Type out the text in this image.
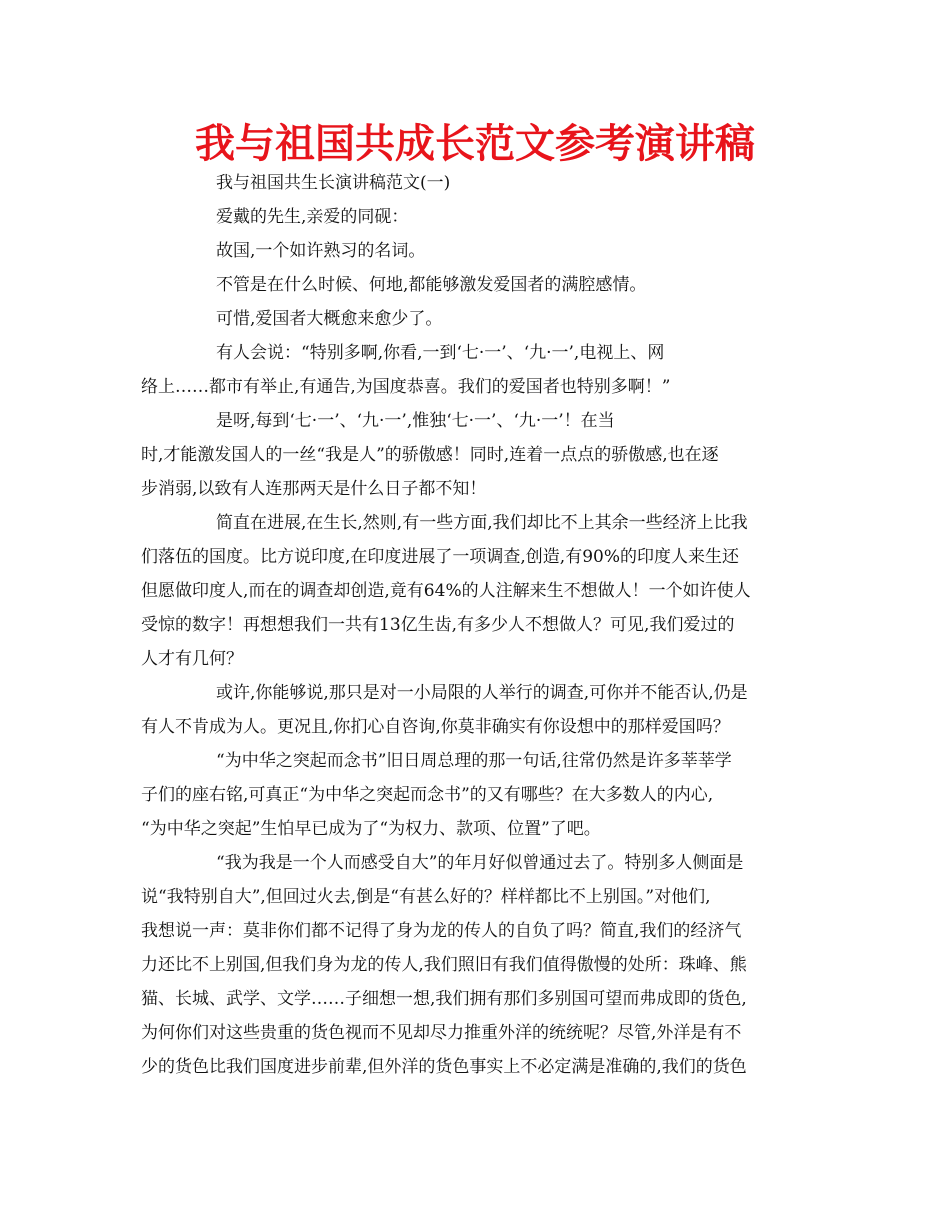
我与祖国共成长范文参考演讲稿
我与祖国共生长演讲稿范文(一)
爱戴的先生,亲爱的同砚：
故国,一个如许熟习的名词。
不管是在什么时候、何地,都能够激发爱国者的满腔感情。
可惜,爱国者大概愈来愈少了。
有人会说：“特别多啊,你看,一到‘七·一’、‘九·一’,电视上、网
络上……都市有举止,有通告,为国度恭喜。我们的爱国者也特别多啊！”
是呀,每到‘七·一’、‘九·一’,惟独‘七·一’、‘九·一’！在当
时,才能激发国人的一丝“我是人”的骄傲感！同时,连着一点点的骄傲感,也在逐
步消弱,以致有人连那两天是什么日子都不知！
简直在进展,在生长,然则,有一些方面,我们却比不上其余一些经济上比我
们落伍的国度。比方说印度,在印度进展了一项调查,创造,有90%的印度人来生还
但愿做印度人,而在的调查却创造,竟有64%的人注解来生不想做人！一个如许使人
受惊的数字！再想想我们一共有13亿生齿,有多少人不想做人？可见,我们爱过的
人才有几何？
或许,你能够说,那只是对一小局限的人举行的调查,可你并不能否认,仍是
有人不肯成为人。更况且,你扪心自咨询,你莫非确实有你设想中的那样爱国吗？
“为中华之突起而念书”旧日周总理的那一句话,往常仍然是许多莘莘学
子们的座右铭,可真正“为中华之突起而念书”的又有哪些？在大多数人的内心,
“为中华之突起”生怕早已成为了“为权力、款项、位置”了吧。
“我为我是一个人而感受自大”的年月好似曾通过去了。特别多人侧面是
说“我特别自大”,但回过火去,倒是“有甚么好的？样样都比不上别国。”对他们,
我想说一声：莫非你们都不记得了身为龙的传人的自负了吗？简直,我们的经济气
力还比不上别国,但我们身为龙的传人,我们照旧有我们值得傲慢的处所：珠峰、熊
猫、长城、武学、文学……子细想一想,我们拥有那们多别国可望而弗成即的货色,
为何你们对这些贵重的货色视而不见却尽力推重外洋的统统呢？尽管,外洋是有不
少的货色比我们国度进步前辈,但外洋的货色事实上不必定满是准确的,我们的货色
